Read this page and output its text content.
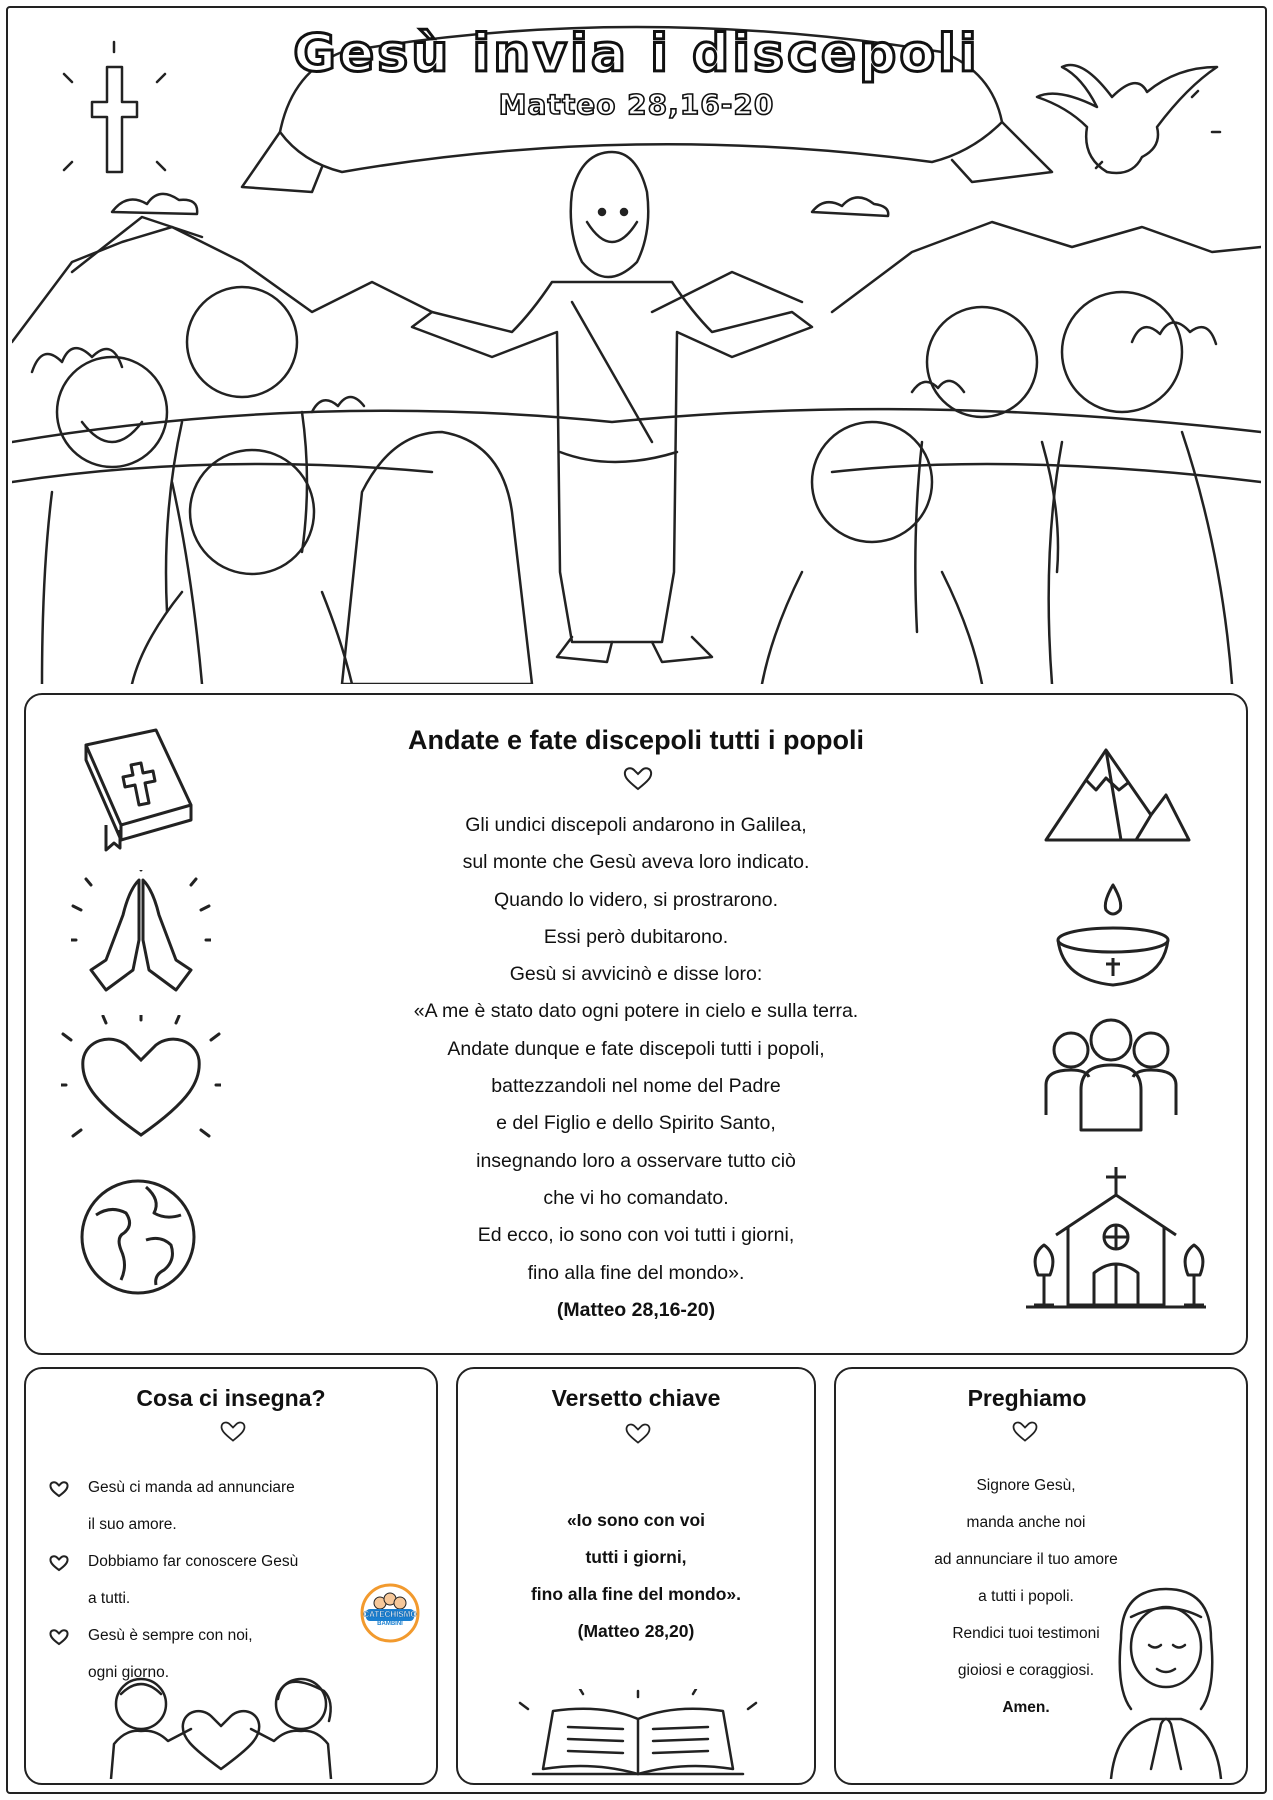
Gesù invia i discepoli
Matteo 28,16-20
Andate e fate discepoli tutti i popoli
Gli undici discepoli andarono in Galilea,
sul monte che Gesù aveva loro indicato.
Quando lo videro, si prostrarono.
Essi però dubitarono.
Gesù si avvicinò e disse loro:
«A me è stato dato ogni potere in cielo e sulla terra.
Andate dunque e fate discepoli tutti i popoli,
battezzandoli nel nome del Padre
e del Figlio e dello Spirito Santo,
insegnando loro a osservare tutto ciò
che vi ho comandato.
Ed ecco, io sono con voi tutti i giorni,
fino alla fine del mondo».
(Matteo 28,16-20)
Cosa ci insegna?
Gesù ci manda ad annunciare
il suo amore.
Dobbiamo far conoscere Gesù
a tutti.
Gesù è sempre con noi,
ogni giorno.
CATECHISMO
BAMBINI
Versetto chiave
«Io sono con voi
tutti i giorni,
fino alla fine del mondo».
(Matteo 28,20)
Preghiamo
Signore Gesù,
manda anche noi
ad annunciare il tuo amore
a tutti i popoli.
Rendici tuoi testimoni
gioiosi e coraggiosi.
Amen.
